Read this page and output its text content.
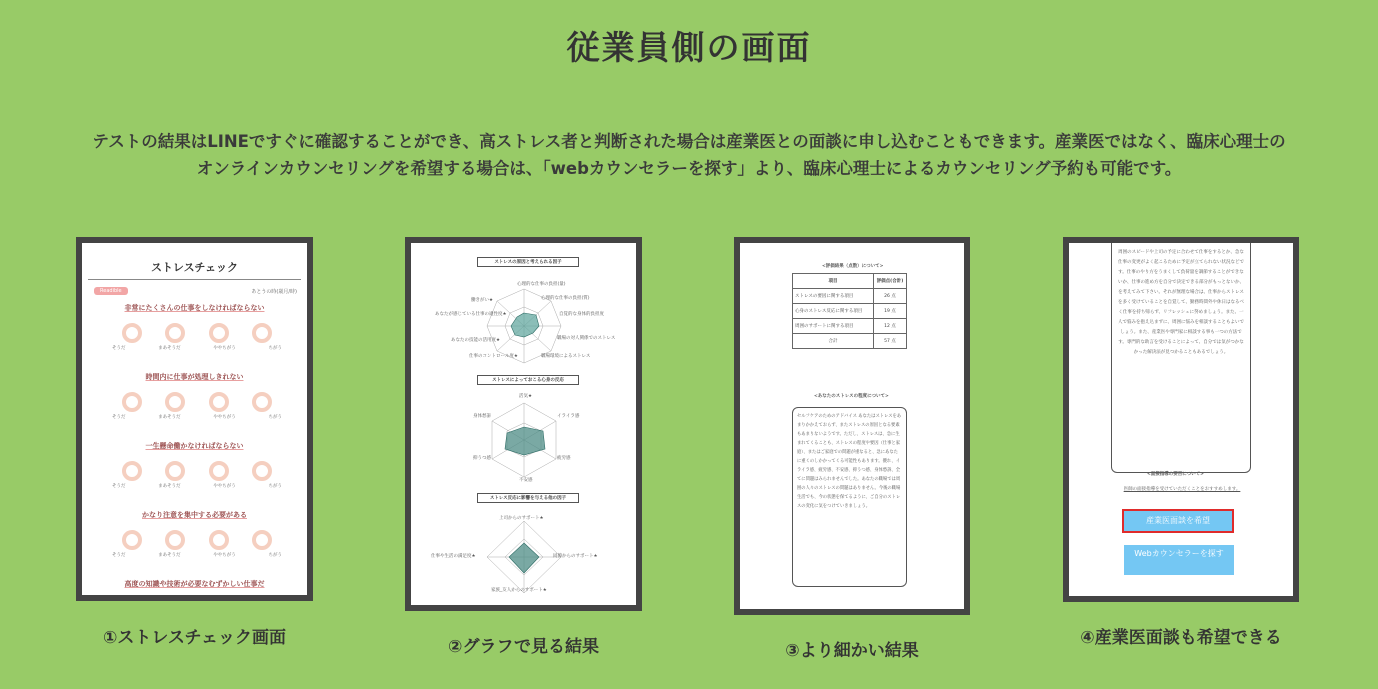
従業員側の画面
テストの結果はLINEですぐに確認することができ、高ストレス者と判断された場合は産業医との面談に申し込むこともできます。産業医ではなく、臨床心理士の
オンラインカウンセリングを希望する場合は、「webカウンセラーを探す」より、臨床心理士によるカウンセリング予約も可能です。
ストレスチェック
Readible	あとうの時(歳月/時)
非常にたくさんの仕事をしなければならない
そうだ	まあそうだ	ややちがう	ちがう
時間内に仕事が処理しきれない
そうだ	まあそうだ	ややちがう	ちがう
一生懸命働かなければならない
そうだ	まあそうだ	ややちがう	ちがう
かなり注意を集中する必要がある
そうだ	まあそうだ	ややちがう	ちがう
高度の知識や技術が必要なむずかしい仕事だ
①ストレスチェック画面
ストレスの原因と考えられる因子
心理的な仕事の負担(量)
心理的な仕事の負担(質)
自覚的な身体的負担度
職場の対人関係でのストレス
職場環境によるストレス
仕事のコントロール度★
あなたの技能の活用度★
あなたが感じている仕事の適性度★
働きがい★
ストレスによっておこる心身の反応
活気★
イライラ感
疲労感
不安感
抑うつ感
身体愁訴
ストレス反応に影響を与える他の因子
上司からのサポート★
同僚からのサポート★
家族_友人からのサポート★
仕事や生活の満足度★
②グラフで見る結果
<評価結果（点数）について>
項目	評価点(合計)
ストレスの要因に関する項目	26 点
心身のストレス反応に関する項目	19 点
周囲のサポートに関する項目	12 点
合計	57 点
<あなたのストレスの程度について>
セルフケアのためのアドバイス あなたはストレスをあまりかかえておらず、またストレスの原因となる要素もあまりないようです。ただし、ストレスは、急に生まれてくることも、ストレスの程度や要因（仕事と家庭）、またはご家庭での問題が重なると、急にあなたに重くのしかかってくる可能性もあります。優れ、イライラ感、疲労感、不安感、抑うつ感、身体愁訴、全てに問題はみられませんでした。あなたの職場では周囲の人々のストレスの問題はありません。今後の職場生活でも、今の状態を保てるように、ご自分のストレスの変化に気をつけていきましょう。
③より細かい結果
周囲のスピードや上司の予定に合わせて仕事をするとか、急な仕事の変更がよく起こるために予定が立てられない状況などです。仕事のやり方をうまくして負荷量を調節することができないか、仕事の進め方を自分で決定できる部分がもっとないか、を考えてみて下さい。それが無理な場合は、仕事からストレスを多く受けていることを自覚して、勤務時間外や休日はなるべく仕事を持ち帰らず、リフレッシュに努めましょう。また、一人で悩みを抱え込まずに、周囲に悩みを相談することもよいでしょう。また、産業医や専門家に相談する事も一つの方法です。専門的な助言を受けることによって、自分では気がつかなかった解決法が見つかることもあるでしょう。
<面接指導の要否について>
医師の面接指導を受けていただくことをおすすめします。
産業医面談を希望
Webカウンセラーを探す
④産業医面談も希望できる
